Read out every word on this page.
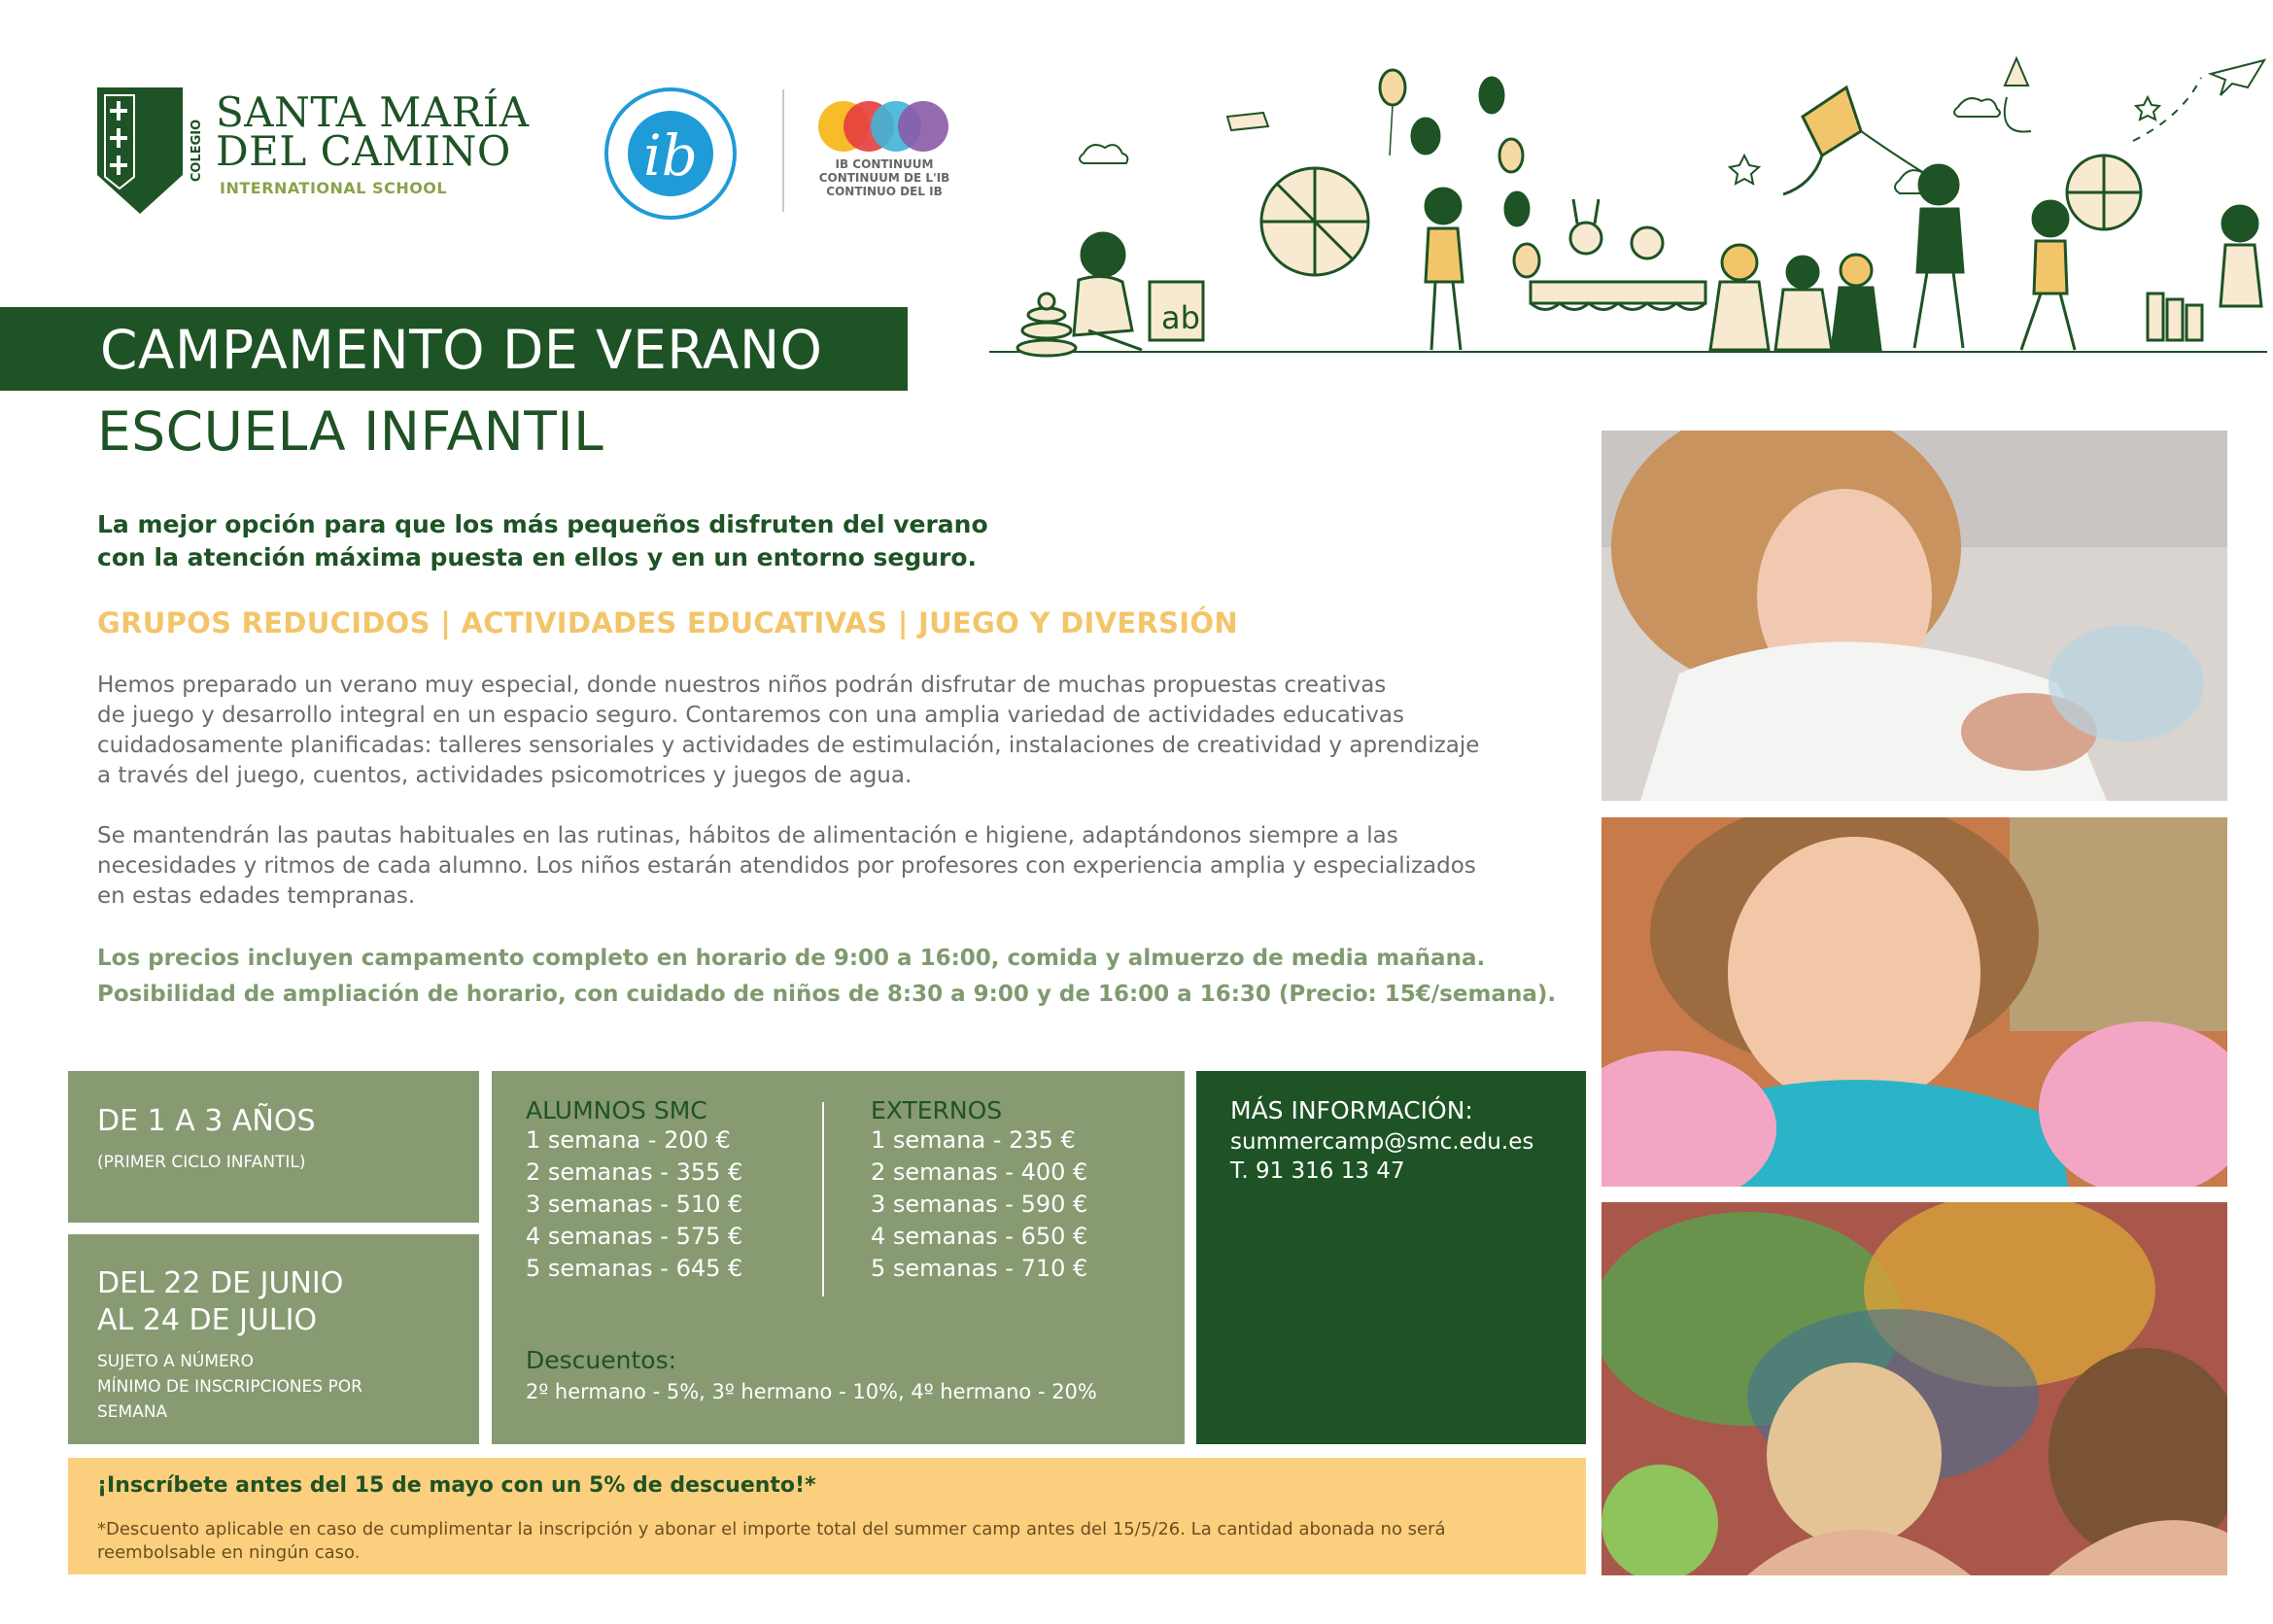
COLEGIO
SANTA MARÍA
DEL CAMINO
INTERNATIONAL SCHOOL	ib	IB CONTINUUM
CONTINUUM DE L'IB
CONTINUO DEL IB
ab
CAMPAMENTO DE VERANO
ESCUELA INFANTIL
La mejor opción para que los más pequeños disfruten del verano
con la atención máxima puesta en ellos y en un entorno seguro.
GRUPOS REDUCIDOS | ACTIVIDADES EDUCATIVAS | JUEGO Y DIVERSIÓN
Hemos preparado un verano muy especial, donde nuestros niños podrán disfrutar de muchas propuestas creativas
de juego y desarrollo integral en un espacio seguro. Contaremos con una amplia variedad de actividades educativas
cuidadosamente planificadas: talleres sensoriales y actividades de estimulación, instalaciones de creatividad y aprendizaje
a través del juego, cuentos, actividades psicomotrices y juegos de agua.
Se mantendrán las pautas habituales en las rutinas, hábitos de alimentación e higiene, adaptándonos siempre a las
necesidades y ritmos de cada alumno. Los niños estarán atendidos por profesores con experiencia amplia y especializados
en estas edades tempranas.
Los precios incluyen campamento completo en horario de 9:00 a 16:00, comida y almuerzo de media mañana.
Posibilidad de ampliación de horario, con cuidado de niños de 8:30 a 9:00 y de 16:00 a 16:30 (Precio: 15€/semana).
DE 1 A 3 AÑOS
(PRIMER CICLO INFANTIL)
DEL 22 DE JUNIO
AL 24 DE JULIO
SUJETO A NÚMERO
MÍNIMO DE INSCRIPCIONES POR
SEMANA
ALUMNOS SMC
1 semana - 200 €
2 semanas - 355 €
3 semanas - 510 €
4 semanas - 575 €
5 semanas - 645 €
EXTERNOS
1 semana - 235 €
2 semanas - 400 €
3 semanas - 590 €
4 semanas - 650 €
5 semanas - 710 €
Descuentos:
2º hermano - 5%, 3º hermano - 10%, 4º hermano - 20%
MÁS INFORMACIÓN:
summercamp@smc.edu.es
T. 91 316 13 47
¡Inscríbete antes del 15 de mayo con un 5% de descuento!*
*Descuento aplicable en caso de cumplimentar la inscripción y abonar el importe total del summer camp antes del 15/5/26. La cantidad abonada no será
reembolsable en ningún caso.
